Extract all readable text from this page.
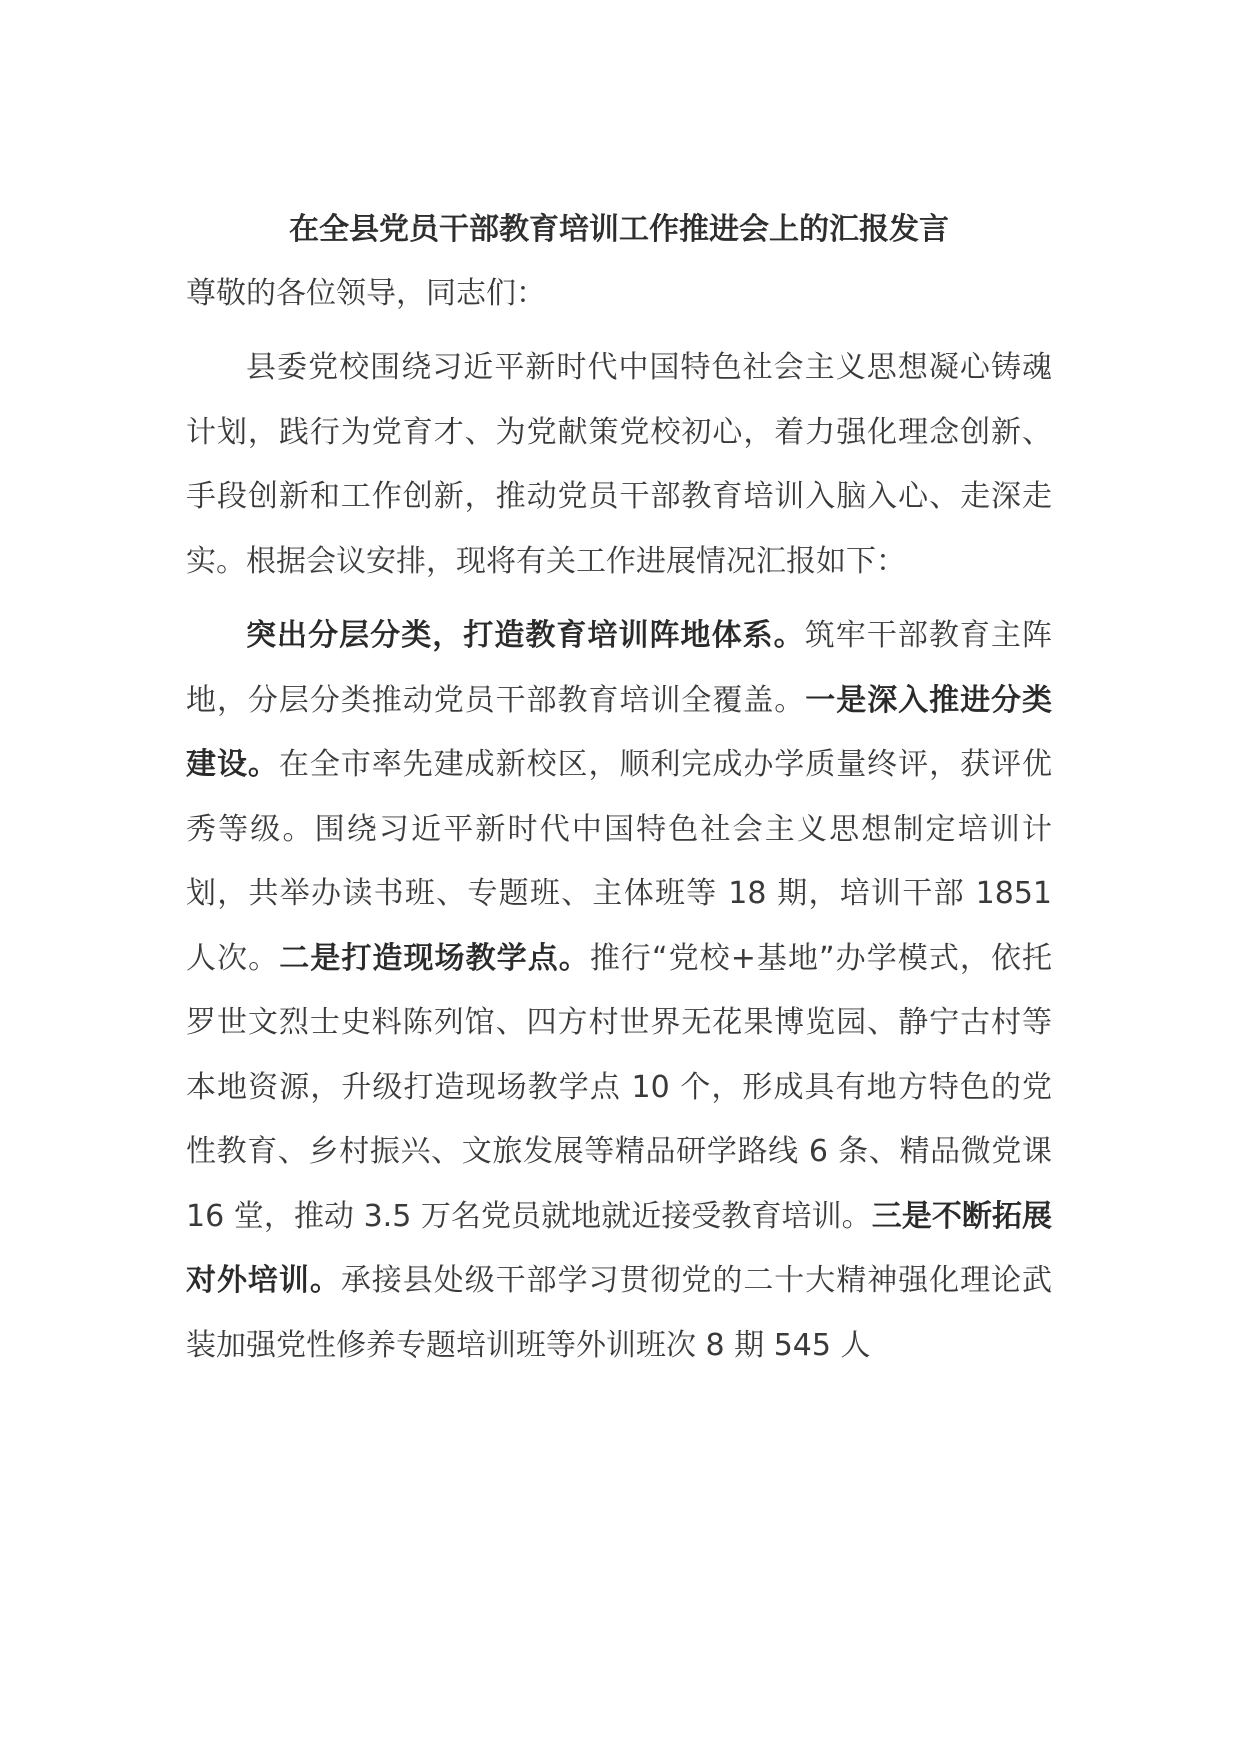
在全县党员干部教育培训工作推进会上的汇报发言

尊敬的各位领导，同志们：

县委党校围绕习近平新时代中国特色社会主义思想凝心铸魂计划，践行为党育才、为党献策党校初心，着力强化理念创新、手段创新和工作创新，推动党员干部教育培训入脑入心、走深走实。根据会议安排，现将有关工作进展情况汇报如下：

突出分层分类，打造教育培训阵地体系。筑牢干部教育主阵地，分层分类推动党员干部教育培训全覆盖。一是深入推进分类建设。在全市率先建成新校区，顺利完成办学质量终评，获评优秀等级。围绕习近平新时代中国特色社会主义思想制定培训计划，共举办读书班、专题班、主体班等 18 期，培训干部 1851 人次。二是打造现场教学点。推行“党校+基地”办学模式，依托罗世文烈士史料陈列馆、四方村世界无花果博览园、静宁古村等本地资源，升级打造现场教学点 10 个，形成具有地方特色的党性教育、乡村振兴、文旅发展等精品研学路线 6 条、精品微党课 16 堂，推动 3.5 万名党员就地就近接受教育培训。三是不断拓展对外培训。承接县处级干部学习贯彻党的二十大精神强化理论武装加强党性修养专题培训班等外训班次 8 期 545 人
